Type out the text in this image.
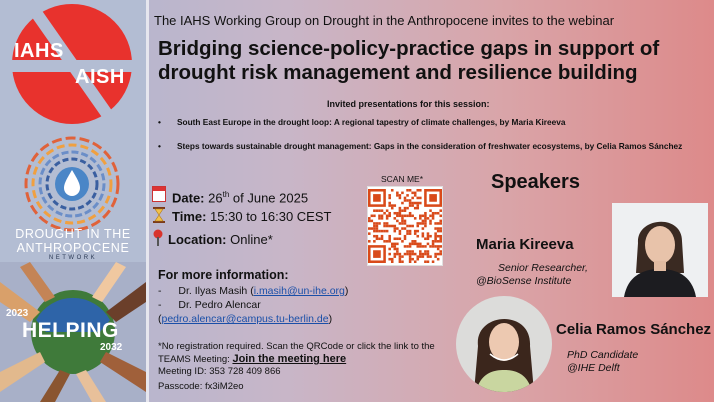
IAHS
AISH
DROUGHT IN THE
ANTHROPOCENE
NETWORK
2023
HELPING
2032
The IAHS Working Group on Drought in the Anthropocene invites to the webinar
Bridging science-policy-practice gaps in support of
drought risk management and resilience building
Invited presentations for this session:
• South East Europe in the drought loop: A regional tapestry of climate challenges, by Maria Kireeva
• Steps towards sustainable drought management: Gaps in the consideration of freshwater ecosystems, by Celia Ramos Sánchez
Date: 26th of June 2025
Time: 15:30 to 16:30 CEST
Location: Online*
For more information:
- Dr. Ilyas Masih (i.masih@un-ihe.org)
- Dr. Pedro Alencar
(pedro.alencar@campus.tu-berlin.de)
*No registration required. Scan the QRCode or click the link to the TEAMS Meeting: Join the meeting here
Meeting ID: 353 728 409 866
Passcode: fx3iM2eo
SCAN ME*	Speakers
Maria Kireeva
Senior Researcher,
@BioSense Institute
Celia Ramos Sánchez
PhD Candidate
@IHE Delft
